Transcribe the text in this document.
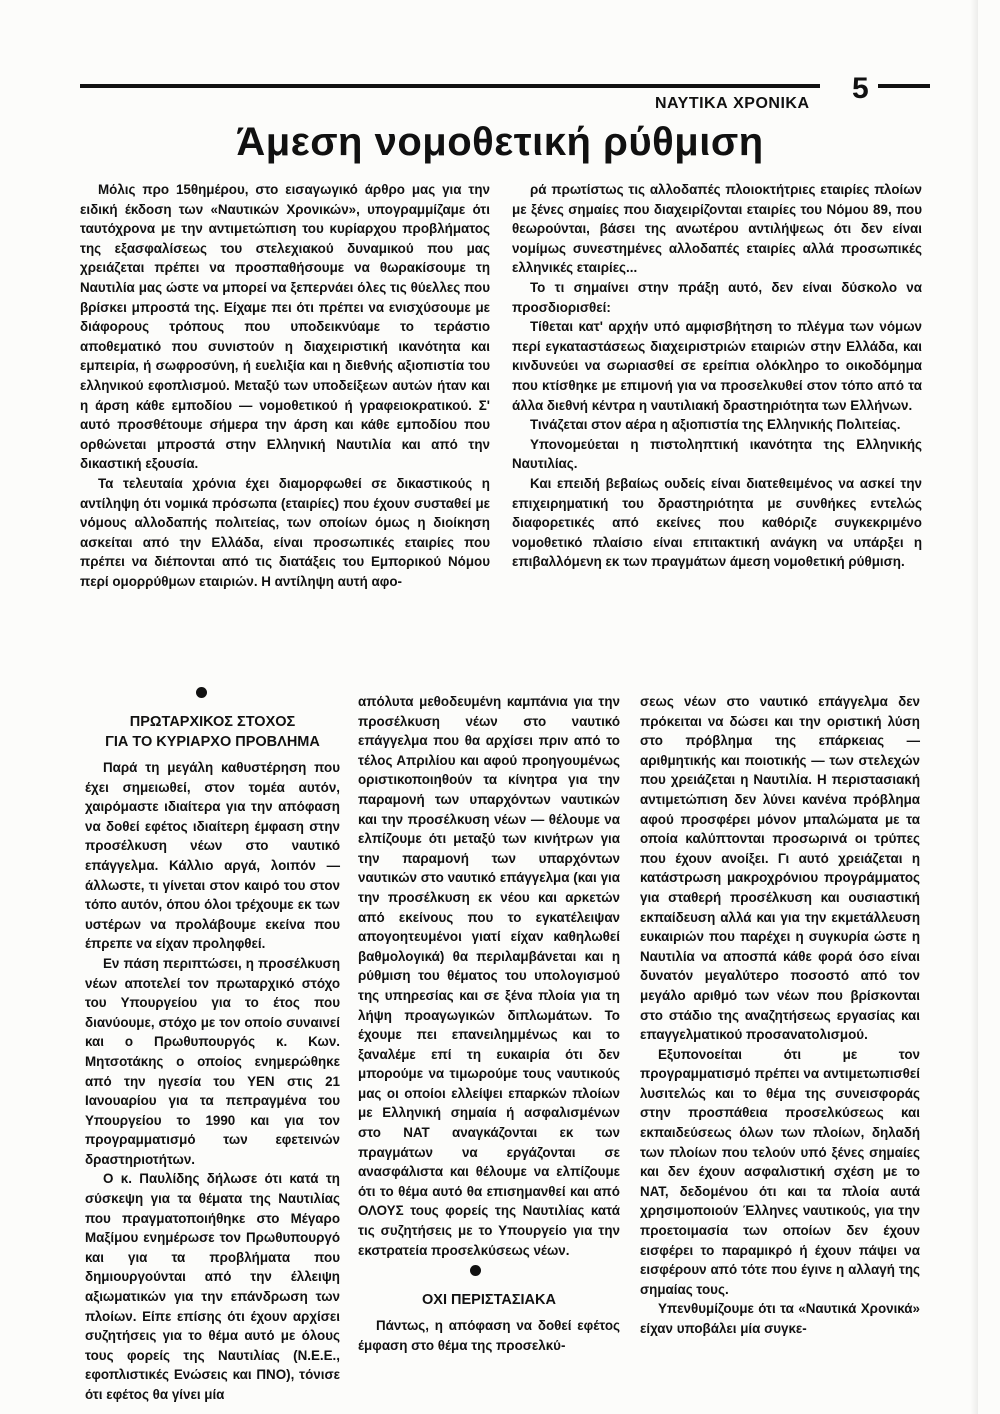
ΝΑΥΤΙΚΑ ΧΡΟΝΙΚΑ 5
Άμεση νομοθετική ρύθμιση

Μόλις προ 15θημέρου, στο εισαγωγικό άρθρο μας για την ειδική έκδοση των «Ναυτικών Χρονικών», υπογραμμίζαμε ότι ταυτόχρονα με την αντιμετώπιση του κυρίαρχου προβλήματος της εξασφαλίσεως του στελεχιακού δυναμικού που μας χρειάζεται πρέπει να προσπαθήσουμε να θωρακίσουμε τη Ναυτιλία μας ώστε να μπορεί να ξεπερνάει όλες τις θύελλες που βρίσκει μπροστά της. Είχαμε πει ότι πρέπει να ενισχύσουμε με διάφορους τρόπους που υποδεικνύαμε το τεράστιο αποθεματικό που συνιστούν η διαχειριστική ικανότητα και εμπειρία, ή σωφροσύνη, ή ευελιξία και η διεθνής αξιοπιστία του ελληνικού εφοπλισμού. Μεταξύ των υποδείξεων αυτών ήταν και η άρση κάθε εμποδίου — νομοθετικού ή γραφειοκρατικού. Σ' αυτό προσθέτουμε σήμερα την άρση και κάθε εμποδίου που ορθώνεται μπροστά στην Ελληνική Ναυτιλία και από την δικαστική εξουσία.

Τα τελευταία χρόνια έχει διαμορφωθεί σε δικαστικούς η αντίληψη ότι νομικά πρόσωπα (εταιρίες) που έχουν συσταθεί με νόμους αλλοδαπής πολιτείας, των οποίων όμως η διοίκηση ασκείται από την Ελλάδα, είναι προσωπικές εταιρίες που πρέπει να διέπονται από τις διατάξεις του Εμπορικού Νόμου περί ομορρύθμων εταιριών. Η αντίληψη αυτή αφο-

ρά πρωτίστως τις αλλοδαπές πλοιοκτήτριες εταιρίες πλοίων με ξένες σημαίες που διαχειρίζονται εταιρίες του Νόμου 89, που θεωρούνται, βάσει της ανωτέρου αντιλήψεως ότι δεν είναι νομίμως συνεστημένες αλλοδαπές εταιρίες αλλά προσωπικές ελληνικές εταιρίες...

Το τι σημαίνει στην πράξη αυτό, δεν είναι δύσκολο να προσδιορισθεί:

Τίθεται κατ' αρχήν υπό αμφισβήτηση το πλέγμα των νόμων περί εγκαταστάσεως διαχειριστριών εταιριών στην Ελλάδα, και κινδυνεύει να σωριασθεί σε ερείπια ολόκληρο το οικοδόμημα που κτίσθηκε με επιμονή για να προσελκυθεί στον τόπο από τα άλλα διεθνή κέντρα η ναυτιλιακή δραστηριότητα των Ελλήνων.

Τινάζεται στον αέρα η αξιοπιστία της Ελληνικής Πολιτείας.

Υπονομεύεται η πιστοληπτική ικανότητα της Ελληνικής Ναυτιλίας.

Και επειδή βεβαίως ουδείς είναι διατεθειμένος να ασκεί την επιχειρηματική του δραστηριότητα με συνθήκες εντελώς διαφορετικές από εκείνες που καθόριζε συγκεκριμένο νομοθετικό πλαίσιο είναι επιτακτική ανάγκη να υπάρξει η επιβαλλόμενη εκ των πραγμάτων άμεση νομοθετική ρύθμιση.

ΠΡΩΤΑΡΧΙΚΟΣ ΣΤΟΧΟΣ
ΓΙΑ ΤΟ ΚΥΡΙΑΡΧΟ ΠΡΟΒΛΗΜΑ

Παρά τη μεγάλη καθυστέρηση που έχει σημειωθεί, στον τομέα αυτόν, χαιρόμαστε ιδιαίτερα για την απόφαση να δοθεί εφέτος ιδιαίτερη έμφαση στην προσέλκυση νέων στο ναυτικό επάγγελμα. Κάλλιο αργά, λοιπόν — άλλωστε, τι γίνεται στον καιρό του στον τόπο αυτόν, όπου όλοι τρέχουμε εκ των υστέρων να προλάβουμε εκείνα που έπρεπε να είχαν προληφθεί.

Εν πάση περιπτώσει, η προσέλκυση νέων αποτελεί τον πρωταρχικό στόχο του Υπουργείου για το έτος που διανύουμε, στόχο με τον οποίο συναινεί και ο Πρωθυπουργός κ. Κων. Μητσοτάκης ο οποίος ενημερώθηκε από την ηγεσία του ΥΕΝ στις 21 Ιανουαρίου για τα πεπραγμένα του Υπουργείου το 1990 και για τον προγραμματισμό των εφετεινών δραστηριοτήτων.

Ο κ. Παυλίδης δήλωσε ότι κατά τη σύσκεψη για τα θέματα της Ναυτιλίας που πραγματοποιήθηκε στο Μέγαρο Μαξίμου ενημέρωσε τον Πρωθυπουργό και για τα προβλήματα που δημιουργούνται από την έλλειψη αξιωματικών για την επάνδρωση των πλοίων. Είπε επίσης ότι έχουν αρχίσει συζητήσεις για το θέμα αυτό με όλους τους φορείς της Ναυτιλίας (Ν.Ε.Ε., εφοπλιστικές Ενώσεις και ΠΝΟ), τόνισε ότι εφέτος θα γίνει μία

απόλυτα μεθοδευμένη καμπάνια για την προσέλκυση νέων στο ναυτικό επάγγελμα που θα αρχίσει πριν από το τέλος Απριλίου και αφού προηγουμένως οριστικοποιηθούν τα κίνητρα για την παραμονή των υπαρχόντων ναυτικών και την προσέλκυση νέων — θέλουμε να ελπίζουμε ότι μεταξύ των κινήτρων για την παραμονή των υπαρχόντων ναυτικών στο ναυτικό επάγγελμα (και για την προσέλκυση εκ νέου και αρκετών από εκείνους που το εγκατέλειψαν απογοητευμένοι γιατί είχαν καθηλωθεί βαθμολογικά) θα περιλαμβάνεται και η ρύθμιση του θέματος του υπολογισμού της υπηρεσίας και σε ξένα πλοία για τη λήψη προαγωγικών διπλωμάτων. Το έχουμε πει επανειλημμένως και το ξαναλέμε επί τη ευκαιρία ότι δεν μπορούμε να τιμωρούμε τους ναυτικούς μας οι οποίοι ελλείψει επαρκών πλοίων με Ελληνική σημαία ή ασφαλισμένων στο ΝΑΤ αναγκάζονται εκ των πραγμάτων να εργάζονται σε ανασφάλιστα και θέλουμε να ελπίζουμε ότι το θέμα αυτό θα επισημανθεί και από ΟΛΟΥΣ τους φορείς της Ναυτιλίας κατά τις συζητήσεις με το Υπουργείο για την εκστρατεία προσελκύσεως νέων.

ΟΧΙ ΠΕΡΙΣΤΑΣΙΑΚΑ

Πάντως, η απόφαση να δοθεί εφέτος έμφαση στο θέμα της προσελκύ-

σεως νέων στο ναυτικό επάγγελμα δεν πρόκειται να δώσει και την οριστική λύση στο πρόβλημα της επάρκειας — αριθμητικής και ποιοτικής — των στελεχών που χρειάζεται η Ναυτιλία. Η περιστασιακή αντιμετώπιση δεν λύνει κανένα πρόβλημα αφού προσφέρει μόνον μπαλώματα με τα οποία καλύπτονται προσωρινά οι τρύπες που έχουν ανοίξει. Γι αυτό χρειάζεται η κατάστρωση μακροχρόνιου προγράμματος για σταθερή προσέλκυση και ουσιαστική εκπαίδευση αλλά και για την εκμετάλλευση ευκαιριών που παρέχει η συγκυρία ώστε η Ναυτιλία να αποσπά κάθε φορά όσο είναι δυνατόν μεγαλύτερο ποσοστό από τον μεγάλο αριθμό των νέων που βρίσκονται στο στάδιο της αναζητήσεως εργασίας και επαγγελματικού προσανατολισμού.

Εξυπονοείται ότι με τον προγραμματισμό πρέπει να αντιμετωπισθεί λυσιτελώς και το θέμα της συνεισφοράς στην προσπάθεια προσελκύσεως και εκπαιδεύσεως όλων των πλοίων, δηλαδή των πλοίων που τελούν υπό ξένες σημαίες και δεν έχουν ασφαλιστική σχέση με το ΝΑΤ, δεδομένου ότι και τα πλοία αυτά χρησιμοποιούν Έλληνες ναυτικούς, για την προετοιμασία των οποίων δεν έχουν εισφέρει το παραμικρό ή έχουν πάψει να εισφέρουν από τότε που έγινε η αλλαγή της σημαίας τους.

Υπενθυμίζουμε ότι τα «Ναυτικά Χρονικά» είχαν υποβάλει μία συγκε-
